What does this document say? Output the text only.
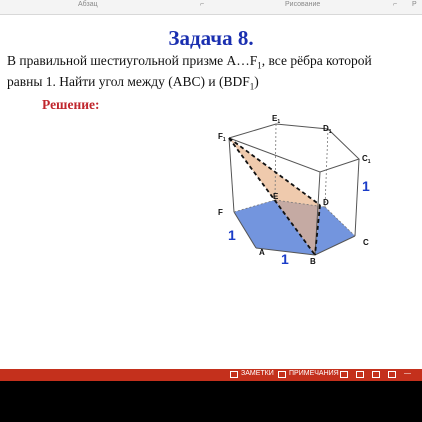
Абзац	⌐	Рисование	⌐ Р
Задача 8.
В правильной шестиугольной призме $A\dots F_1$, все рёбра которой
равны 1. Найти угол между (ABC) и $(BDF_1)$
Решение:
$F_1$
$E_1$
$D_1$
$C_1$
E
D
F
A
B
C
1
1
1
ЗАМЕТКИ ПРИМЕЧАНИЯ	—
